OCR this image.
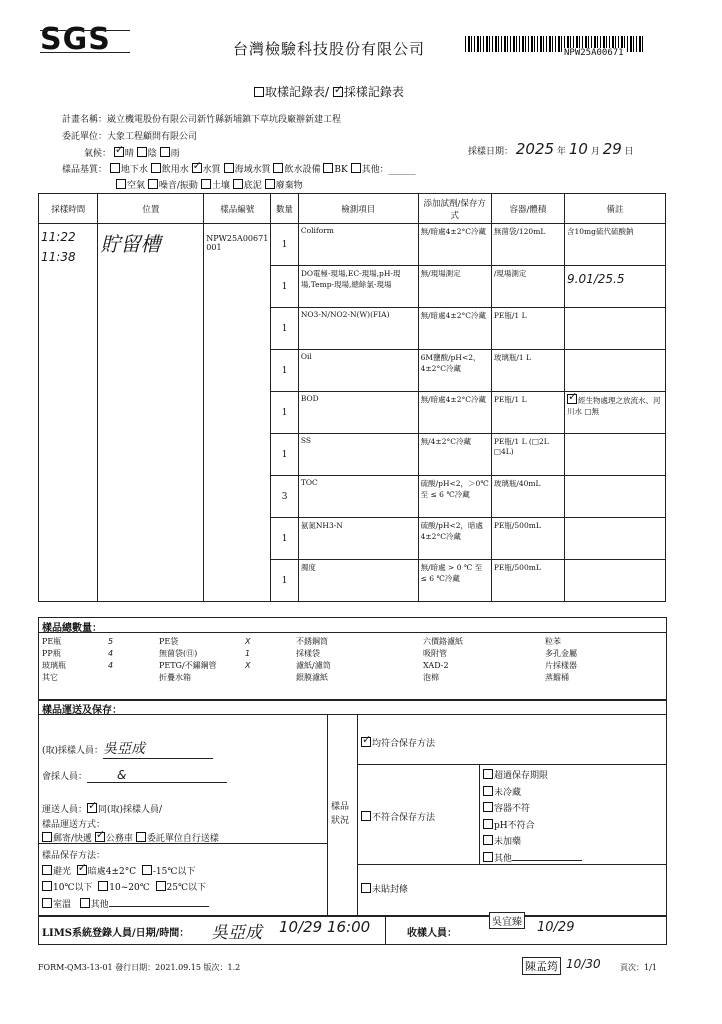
SGS	台灣檢驗科技股份有限公司	NPW25A00671
取樣記錄表/ ✓ 採樣記錄表
計畫名稱：崴立機電股份有限公司新竹縣新埔鎮下草坑段廠辦新建工程
委託單位：大象工程顧問有限公司
氣候： ✓ 晴 陰 雨	採樣日期： 2025 年 10 月 29 日
樣品基質： 地下水 飲用水 ✓ 水質 海域水質 飲水設備 BK 其他：______
空氣 噪音/振動 土壤 底泥 廢棄物
採樣時間	位置	樣品編號	數量	檢測項目	添加試劑/保存方式	容器/體積	備註

11:22
11:38	貯留槽	NPW25A00671 001	1	Coliform	無/暗處4±2°C冷藏	無菌袋/120mL	含10mg硫代硫酸鈉
			1	DO電極-現場,EC-現場,pH-現場,Temp-現場,總餘氯-現場	無/現場測定	/現場測定	9.01/25.5

			1	NO3-N/NO2-N(W)(FIA)	無/暗處4±2°C冷藏	PE瓶/1 L	
			1	Oil	6M鹽酸/pH<2，4±2°C冷藏	玻璃瓶/1 L	
			1	BOD	無/暗處4±2°C冷藏	PE瓶/1 L	✓經生物處理之放流水、河川水 □無
			1	SS	無/4±2°C冷藏	PE瓶/1 L (□2L □4L)	
			3	TOC	硫酸/pH<2，＞0℃ 至 ≤ 6 ℃冷藏	玻璃瓶/40mL	
			1	氨氮NH3-N	硫酸/pH<2，暗處4±2°C冷藏	PE瓶/500mL	
			1	濁度	無/暗處 > 0 ℃ 至 ≤ 6 ℃冷藏	PE瓶/500mL	
樣品總數量：
PE瓶	5	PE袋	X	不銹鋼筒		六價鉻濾紙		粒苯	
PP瓶	4	無菌袋(㊐)	1	採樣袋		吸附管		多孔金屬	
玻璃瓶	4	PETG/不鏽鋼管	X	濾紙/濾筒		XAD-2		片採樣器	
其它		折疊水箱		銀膜濾紙		泡棉		蒸餾桶	
樣品運送及保存：
(取)採樣人員：吳亞成
會採人員：	&
運送人員： ✓ 同(取)採樣人員/
樣品運送方式：
郵寄/快遞 ✓ 公務車 委託單位自行送樣
樣品保存方法：
避光 ✓ 暗處4±2°C -15℃以下
10℃以下 10~20℃ 25℃以下
室溫 其他
樣品狀況
✓均符合保存方法
不符合保存方法
超過保存期限
未冷藏
容器不符
pH不符合
未加藥
其他
未貼封條
LIMS系統登錄人員/日期/時間： 吳亞成 10/29 16:00	收樣人員：
吳宜臻 10/29
FORM-QM3-13-01 發行日期：2021.09.15 版次：1.2	陳孟筠 10/30 頁次：1/1
